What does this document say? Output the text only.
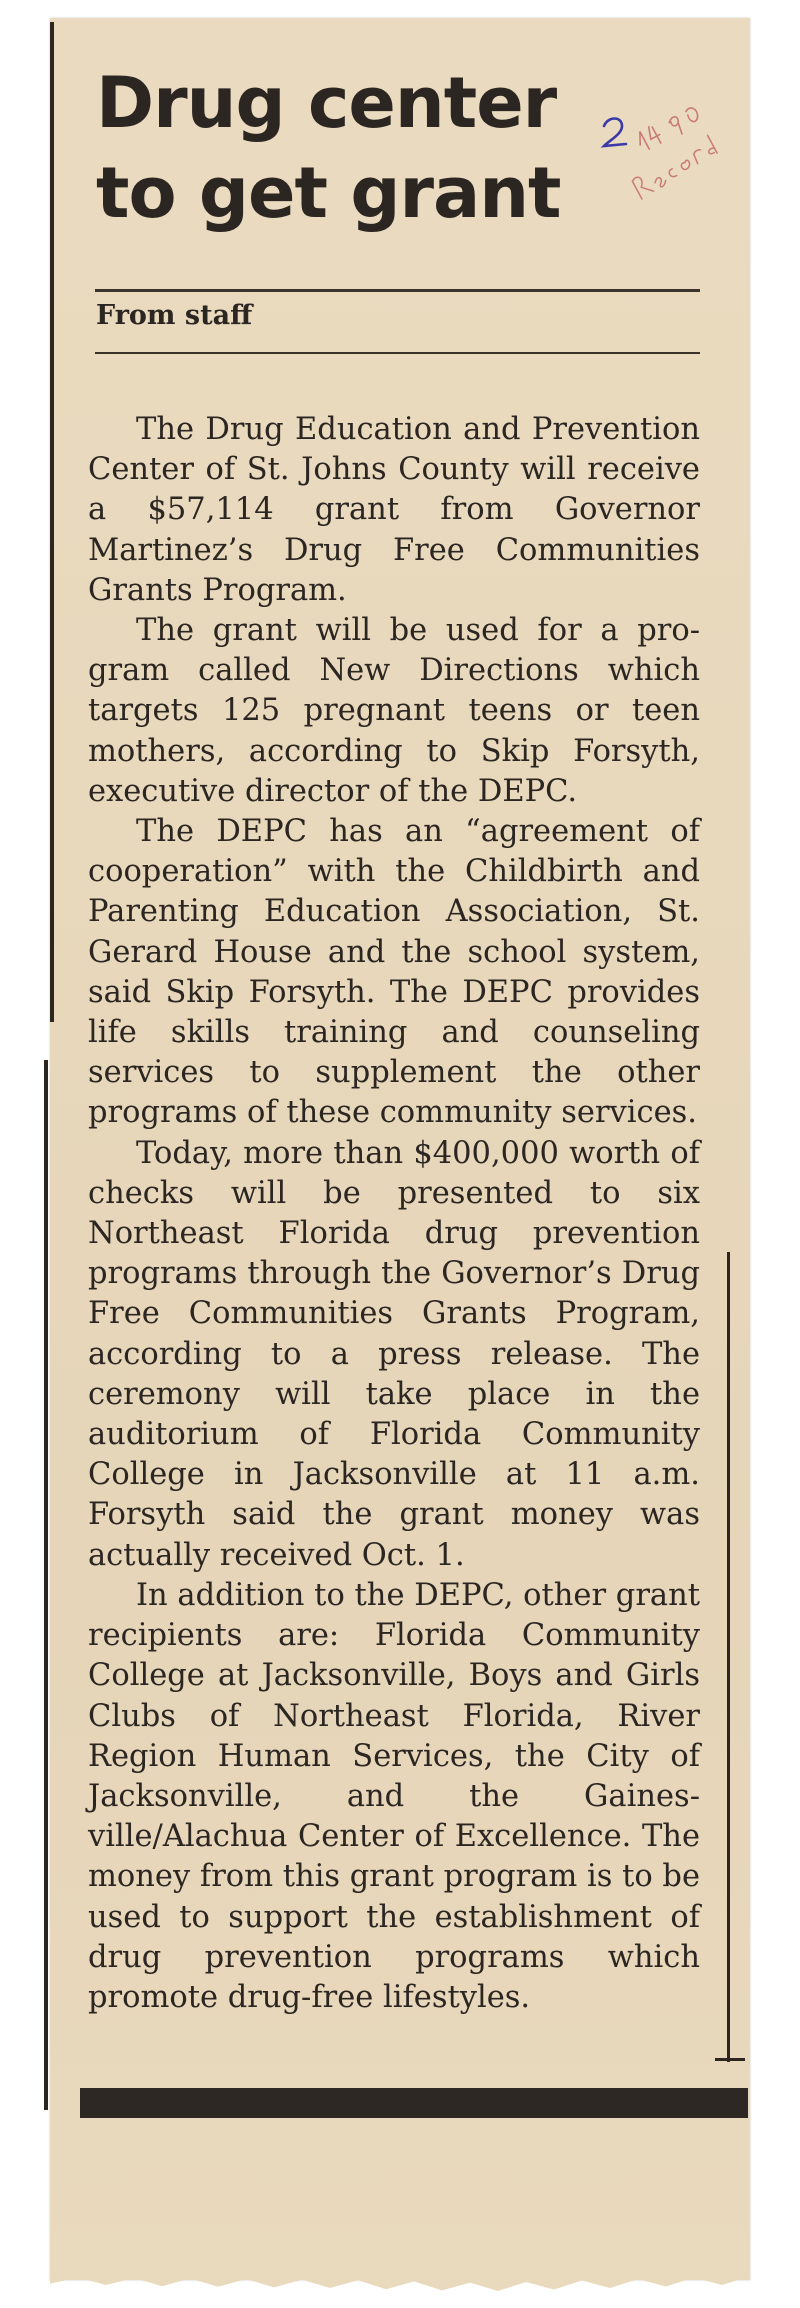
Drug center to get grant

From staff

The Drug Education and Prevention Center of St. Johns County will receive a $57,114 grant from Governor Martinez’s Drug Free Communities Grants Program.

The grant will be used for a program called New Directions which targets 125 pregnant teens or teen mothers, according to Skip Forsyth, executive director of the DEPC.

The DEPC has an “agreement of cooperation” with the Childbirth and Parenting Education Association, St. Gerard House and the school system, said Skip Forsyth. The DEPC provides life skills training and counseling services to supplement the other programs of these community services.

Today, more than $400,000 worth of checks will be presented to six Northeast Florida drug prevention programs through the Governor’s Drug Free Communities Grants Program, according to a press release. The ceremony will take place in the auditorium of Florida Community College in Jacksonville at 11 a.m. Forsyth said the grant money was actually received Oct. 1.

In addition to the DEPC, other grant recipients are: Florida Community College at Jacksonville, Boys and Girls Clubs of Northeast Florida, River Region Human Services, the City of Jacksonville, and the Gainesville/Alachua Center of Excellence. The money from this grant program is to be used to support the establishment of drug prevention programs which promote drug-free lifestyles.
